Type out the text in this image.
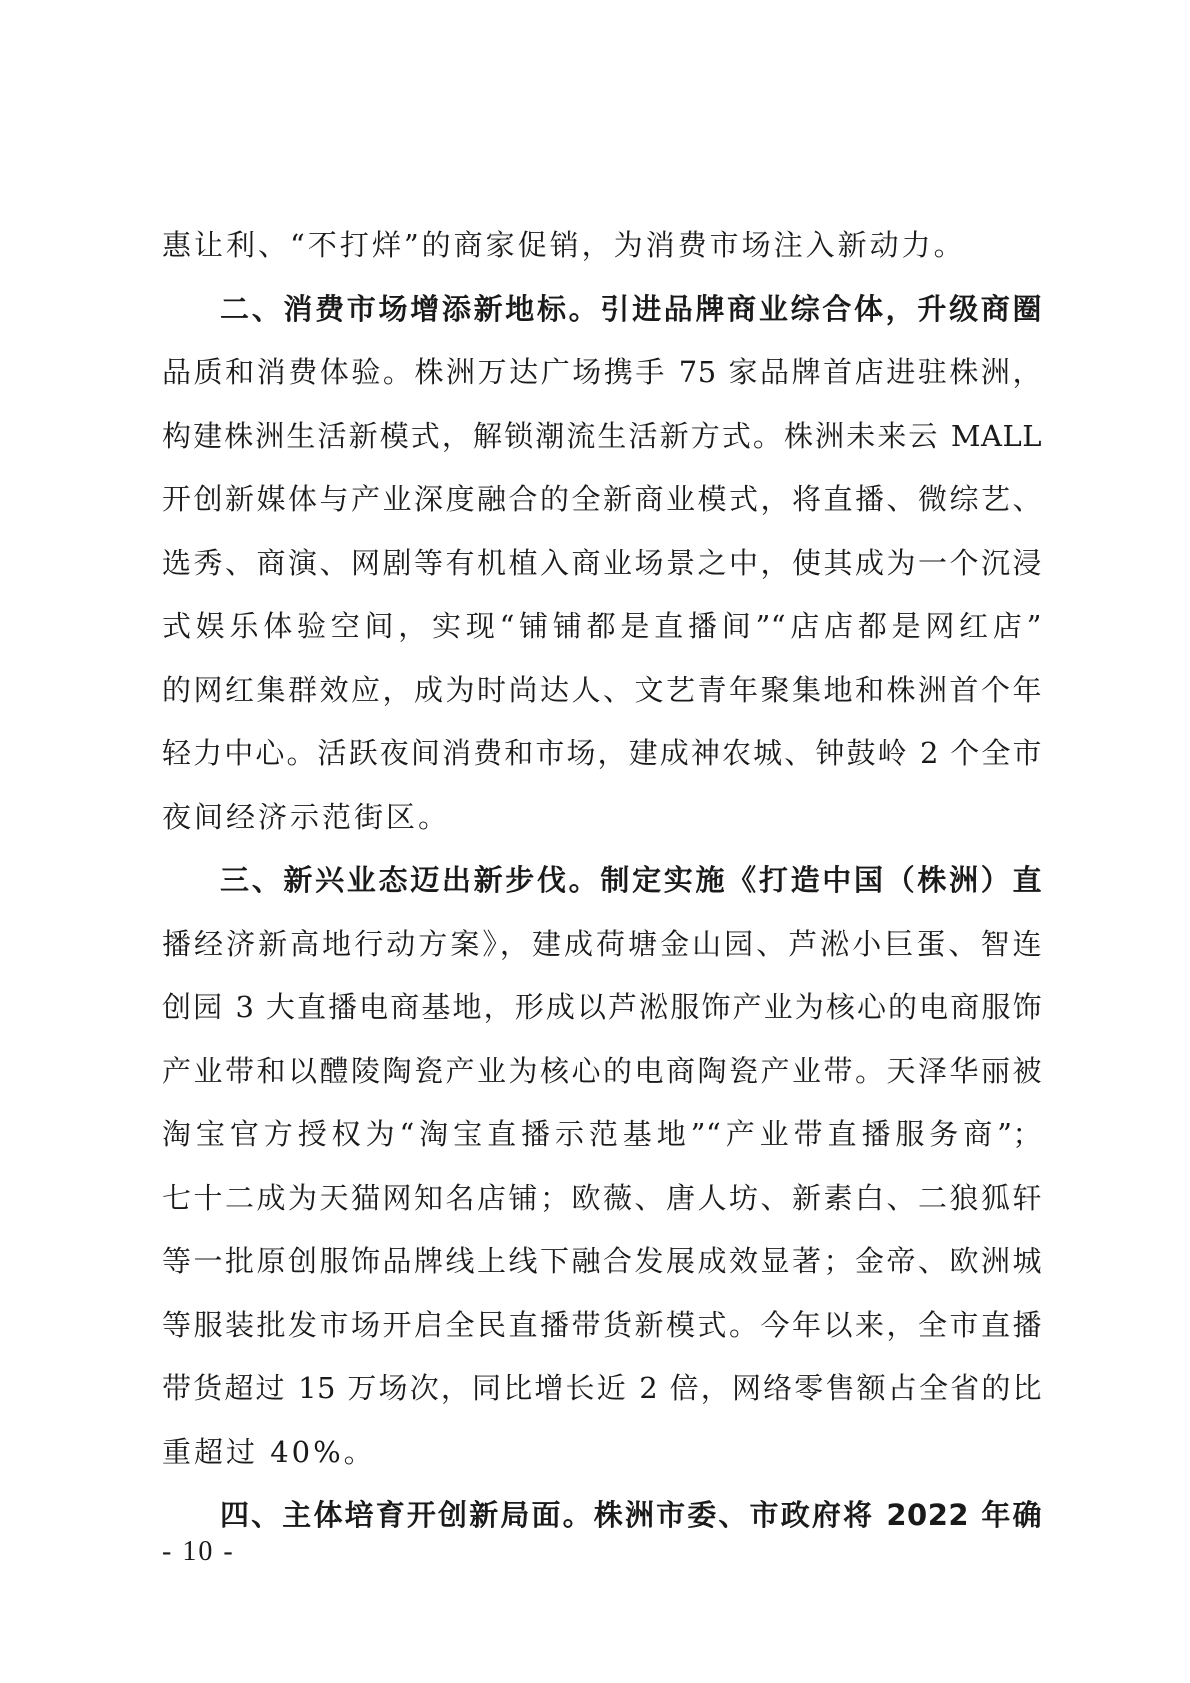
惠让利、“不打烊”的商家促销，为消费市场注入新动力。
二、消费市场增添新地标。引进品牌商业综合体，升级商圈
品质和消费体验。株洲万达广场携手 75 家品牌首店进驻株洲，
构建株洲生活新模式，解锁潮流生活新方式。株洲未来云 MALL
开创新媒体与产业深度融合的全新商业模式，将直播、微综艺、
选秀、商演、网剧等有机植入商业场景之中，使其成为一个沉浸
式娱乐体验空间，实现“铺铺都是直播间”“店店都是网红店”
的网红集群效应，成为时尚达人、文艺青年聚集地和株洲首个年
轻力中心。活跃夜间消费和市场，建成神农城、钟鼓岭 2 个全市
夜间经济示范街区。
三、新兴业态迈出新步伐。制定实施《打造中国（株洲）直
播经济新高地行动方案》，建成荷塘金山园、芦淞小巨蛋、智连
创园 3 大直播电商基地，形成以芦淞服饰产业为核心的电商服饰
产业带和以醴陵陶瓷产业为核心的电商陶瓷产业带。天泽华丽被
淘宝官方授权为“淘宝直播示范基地”“产业带直播服务商”；
七十二成为天猫网知名店铺；欧薇、唐人坊、新素白、二狼狐轩
等一批原创服饰品牌线上线下融合发展成效显著；金帝、欧洲城
等服装批发市场开启全民直播带货新模式。今年以来，全市直播
带货超过 15 万场次，同比增长近 2 倍，网络零售额占全省的比
重超过 40%。
四、主体培育开创新局面。株洲市委、市政府将 2022 年确
- 10 -
